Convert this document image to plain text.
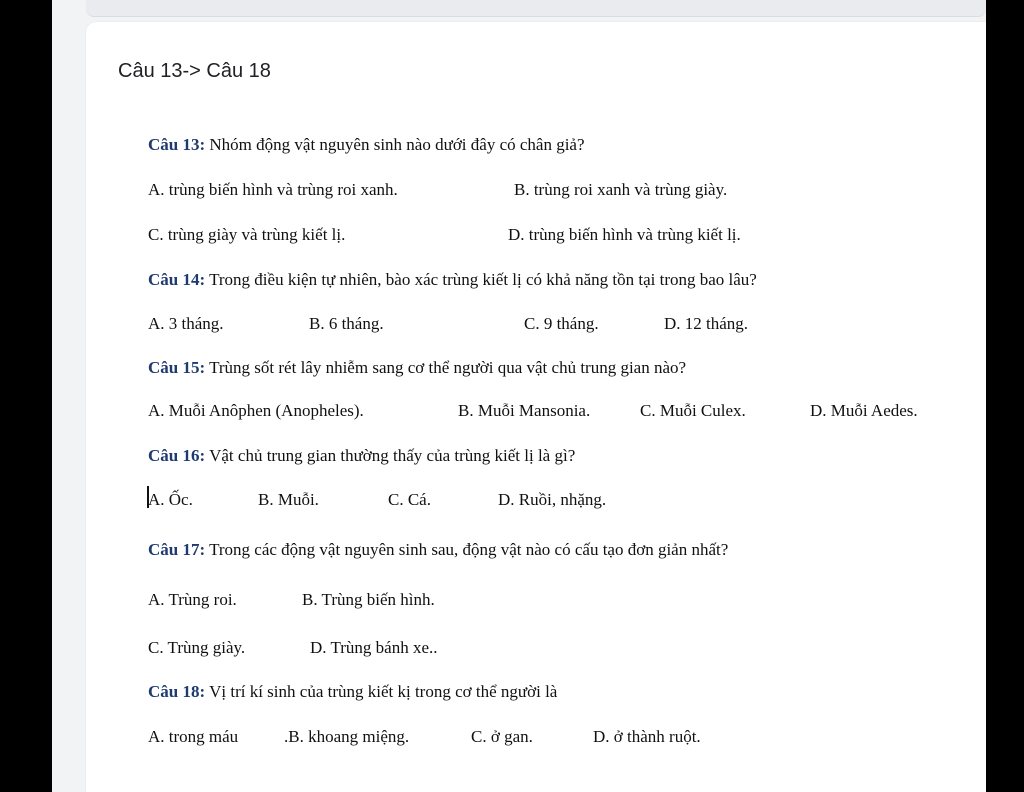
Câu 13-> Câu 18
Câu 13: Nhóm động vật nguyên sinh nào dưới đây có chân giả?
A. trùng biến hình và trùng roi xanh.	B. trùng roi xanh và trùng giày.
C. trùng giày và trùng kiết lị.	D. trùng biến hình và trùng kiết lị.
Câu 14: Trong điều kiện tự nhiên, bào xác trùng kiết lị có khả năng tồn tại trong bao lâu?
A. 3 tháng.	B. 6 tháng.	C. 9 tháng.	D. 12 tháng.
Câu 15: Trùng sốt rét lây nhiễm sang cơ thể người qua vật chủ trung gian nào?
A. Muỗi Anôphen (Anopheles).	B. Muỗi Mansonia.	C. Muỗi Culex.	D. Muỗi Aedes.
Câu 16: Vật chủ trung gian thường thấy của trùng kiết lị là gì?
A. Ốc.	B. Muỗi.	C. Cá.	D. Ruồi, nhặng.
Câu 17: Trong các động vật nguyên sinh sau, động vật nào có cấu tạo đơn giản nhất?
A. Trùng roi.	B. Trùng biến hình.
C. Trùng giày.	D. Trùng bánh xe..
Câu 18: Vị trí kí sinh của trùng kiết kị trong cơ thể người là
A. trong máu	.B. khoang miệng.	C. ở gan.	D. ở thành ruột.
